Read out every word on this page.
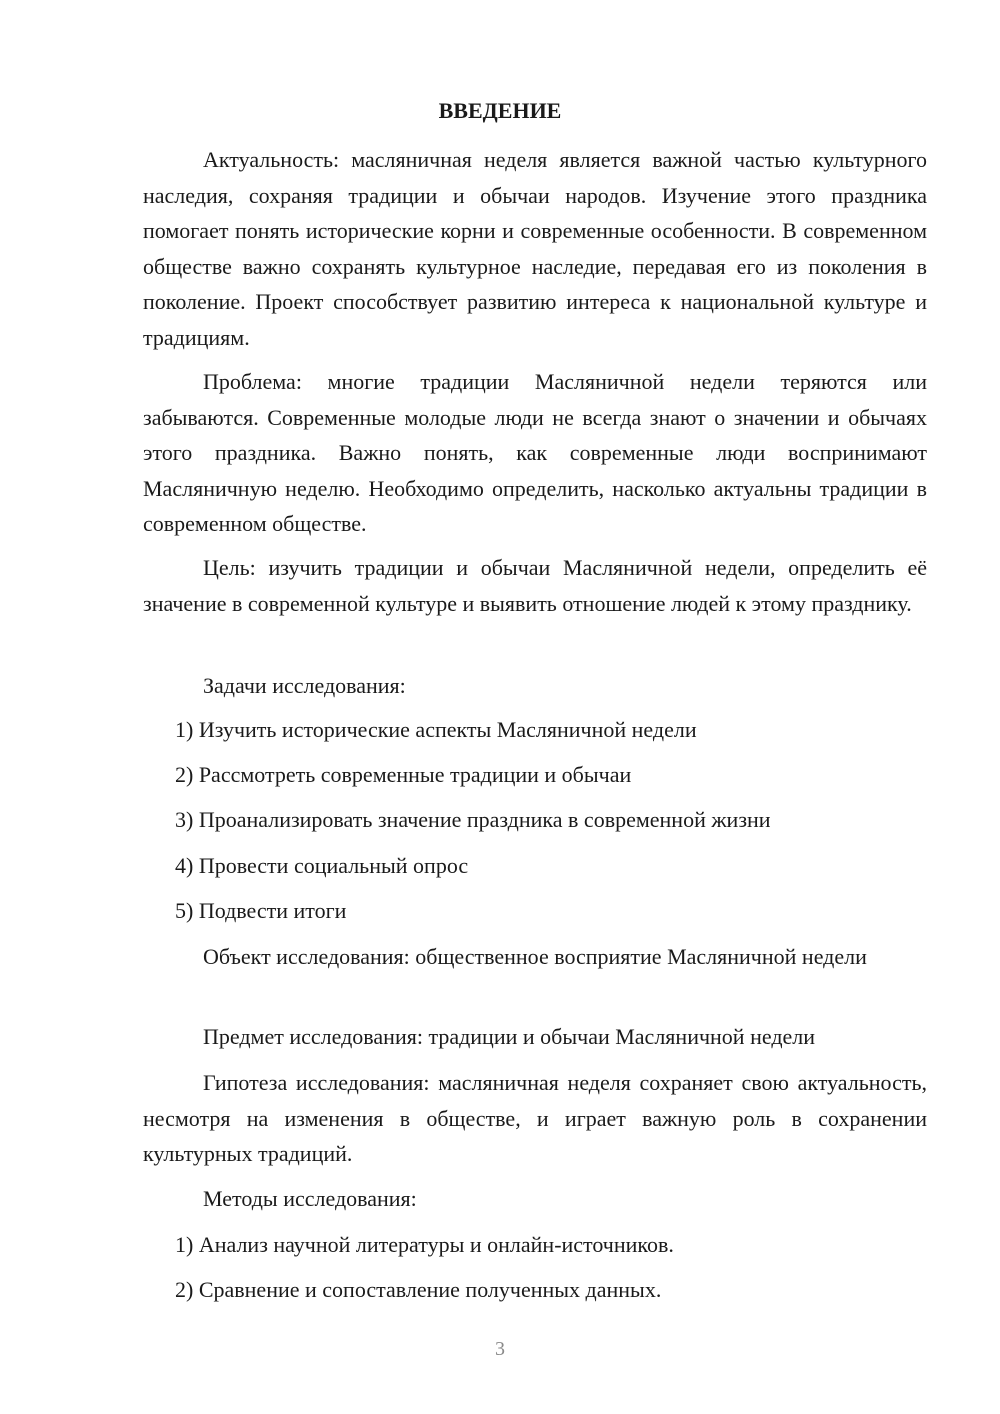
ВВЕДЕНИЕ

Актуальность: масляничная неделя является важной частью культурного наследия, сохраняя традиции и обычаи народов. Изучение этого праздника помогает понять исторические корни и современные особенности. В современном обществе важно сохранять культурное наследие, передавая его из поколения в поколение. Проект способствует развитию интереса к национальной культуре и традициям.

Проблема: многие традиции Масляничной недели теряются или забываются. Современные молодые люди не всегда знают о значении и обычаях этого праздника. Важно понять, как современные люди воспринимают Масляничную неделю. Необходимо определить, насколько актуальны традиции в современном обществе.

Цель: изучить традиции и обычаи Масляничной недели, определить её значение в современной культуре и выявить отношение людей к этому празднику.

Задачи исследования:

1) Изучить исторические аспекты Масляничной недели

2) Рассмотреть современные традиции и обычаи

3) Проанализировать значение праздника в современной жизни

4) Провести социальный опрос

5) Подвести итоги

Объект исследования: общественное восприятие Масляничной недели

Предмет исследования: традиции и обычаи Масляничной недели

Гипотеза исследования: масляничная неделя сохраняет свою актуальность, несмотря на изменения в обществе, и играет важную роль в сохранении культурных традиций.

Методы исследования:

1) Анализ научной литературы и онлайн-источников.

2) Сравнение и сопоставление полученных данных.

3
